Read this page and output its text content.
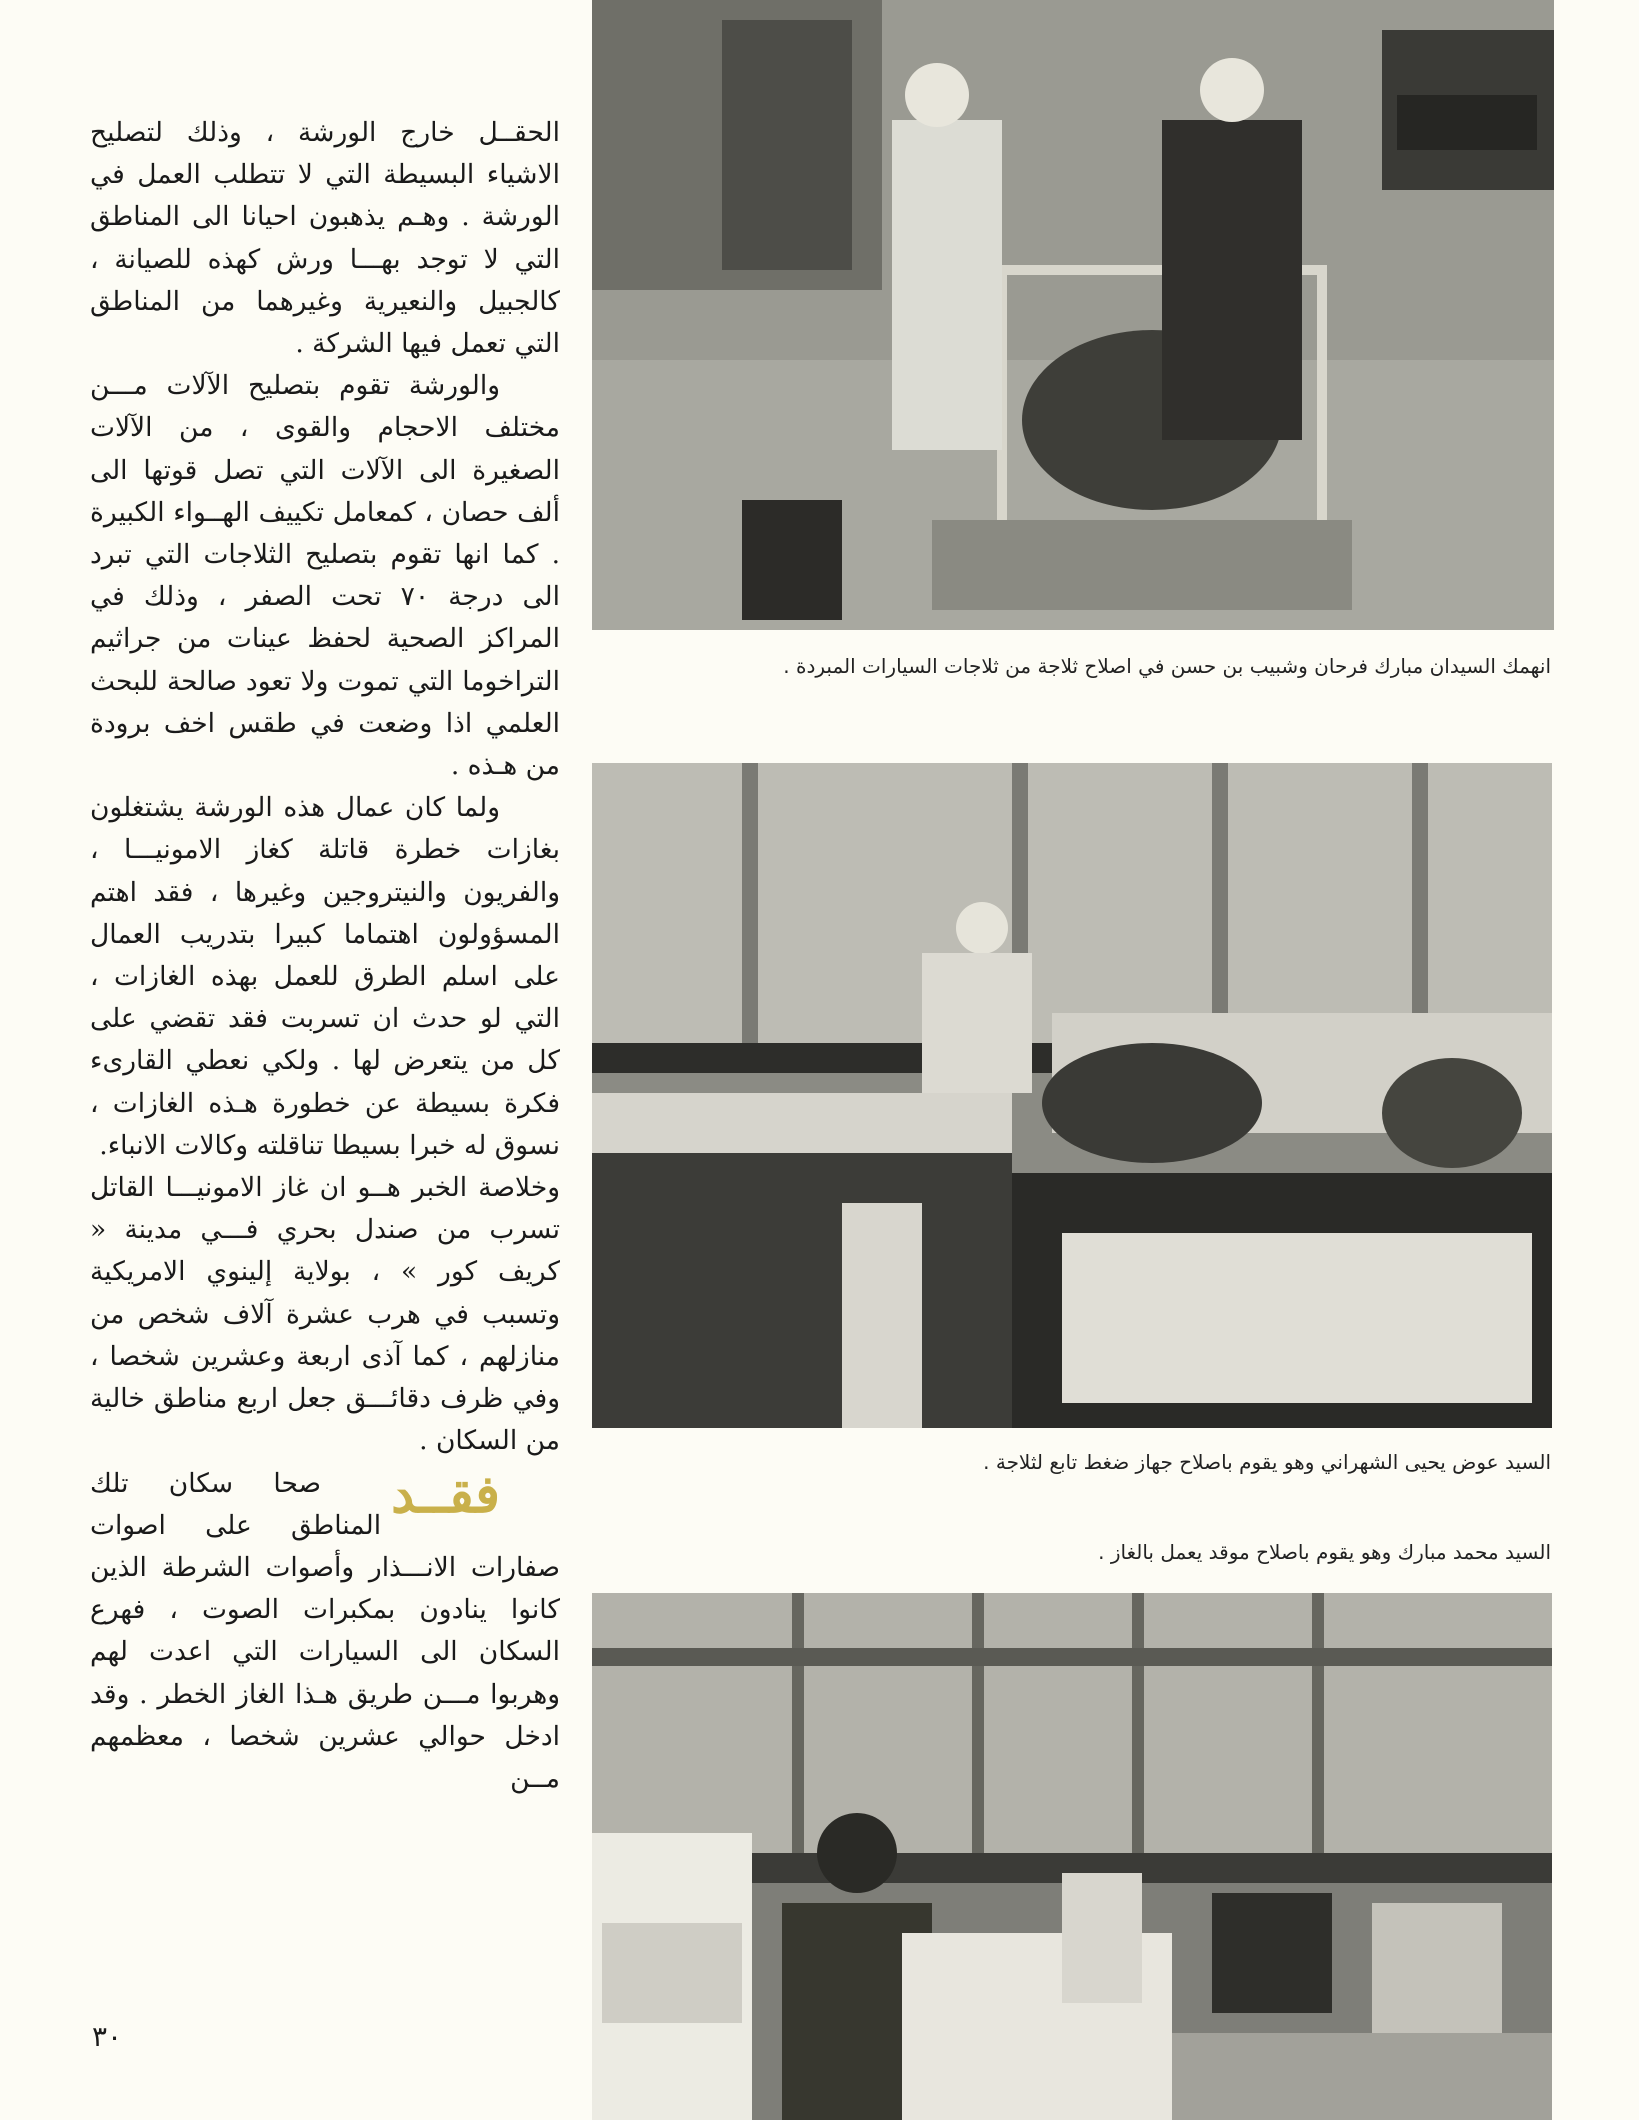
الحقــل خارج الورشة ، وذلك لتصليح الاشياء البسيطة التي لا تتطلب العمل في الورشة . وهـم يذهبون احيانا الى المناطق التي لا توجد بهـــا ورش كهذه للصيانة ، كالجبيل والنعيرية وغيرهما من المناطق التي تعمل فيها الشركة .

والورشة تقوم بتصليح الآلات مـــن مختلف الاحجام والقوى ، من الآلات الصغيرة الى الآلات التي تصل قوتها الى ألف حصان ، كمعامل تكييف الهــواء الكبيرة . كما انها تقوم بتصليح الثلاجات التي تبرد الى درجة ٧٠ تحت الصفر ، وذلك في المراكز الصحية لحفظ عينات من جراثيم التراخوما التي تموت ولا تعود صالحة للبحث العلمي اذا وضعت في طقس اخف برودة من هـذه .

ولما كان عمال هذه الورشة يشتغلون بغازات خطرة قاتلة كغاز الامونيـــا ، والفريون والنيتروجين وغيرها ، فقد اهتم المسؤولون اهتماما كبيرا بتدريب العمال على اسلم الطرق للعمل بهذه الغازات ، التي لو حدث ان تسربت فقد تقضي على كل من يتعرض لها . ولكي نعطي القارىء فكرة بسيطة عن خطورة هـذه الغازات ، نسوق له خبرا بسيطا تناقلته وكالات الانباء.

وخلاصة الخبر هــو ان غاز الامونيـــا القاتل تسرب من صندل بحري فـــي مدينة « كريف كور » ، بولاية إلينوي الامريكية وتسبب في هرب عشرة آلاف شخص من منازلهم ، كما آذى اربعة وعشرين شخصا ، وفي ظرف دقائـــق جعل اربع مناطق خالية من السكان .

فقــد
صحا سكان تلك المناطق على اصوات صفارات الانـــذار وأصوات الشرطة الذين كانوا ينادون بمكبرات الصوت ، فهرع السكان الى السيارات التي اعدت لهم وهربوا مـــن طريق هـذا الغاز الخطر . وقد ادخل حوالي عشرين شخصا ، معظمهم مــن

٣٠
انهمك السيدان مبارك فرحان وشبيب بن حسن في اصلاح ثلاجة من ثلاجات السيارات المبردة .
السيد عوض يحيى الشهراني وهو يقوم باصلاح جهاز ضغط تابع لثلاجة .
السيد محمد مبارك وهو يقوم باصلاح موقد يعمل بالغاز .
